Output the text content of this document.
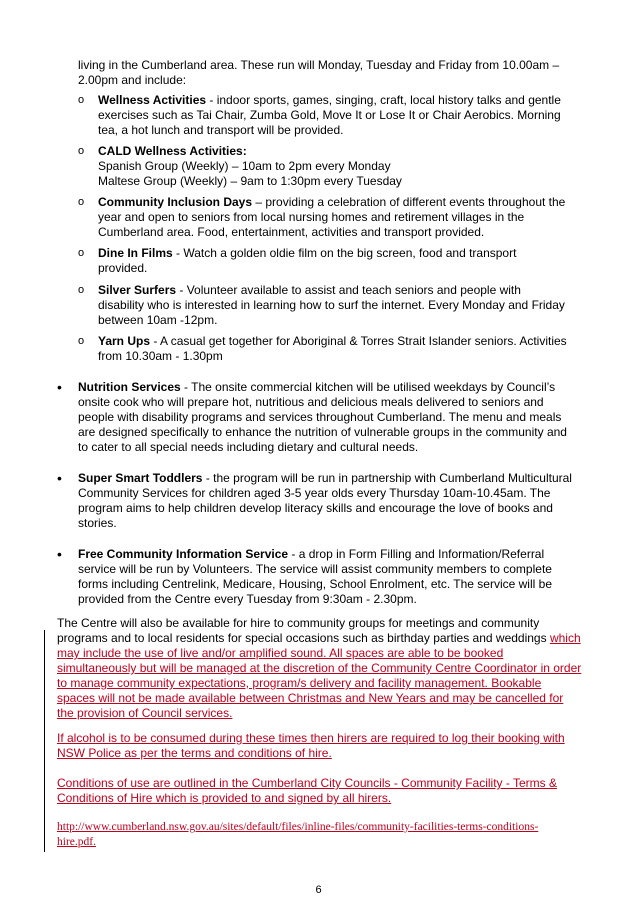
living in the Cumberland area. These run will Monday, Tuesday and Friday from 10.00am – 2.00pm and include:
o Wellness Activities - indoor sports, games, singing, craft, local history talks and gentle exercises such as Tai Chair, Zumba Gold, Move It or Lose It or Chair Aerobics. Morning tea, a hot lunch and transport will be provided.
o CALD Wellness Activities:
Spanish Group (Weekly) – 10am to 2pm every Monday
Maltese Group (Weekly) – 9am to 1:30pm every Tuesday
o Community Inclusion Days – providing a celebration of different events throughout the year and open to seniors from local nursing homes and retirement villages in the Cumberland area. Food, entertainment, activities and transport provided.
o Dine In Films - Watch a golden oldie film on the big screen, food and transport provided.
o Silver Surfers - Volunteer available to assist and teach seniors and people with disability who is interested in learning how to surf the internet. Every Monday and Friday between 10am -12pm.
o Yarn Ups - A casual get together for Aboriginal & Torres Strait Islander seniors. Activities from 10.30am - 1.30pm
• Nutrition Services - The onsite commercial kitchen will be utilised weekdays by Council’s onsite cook who will prepare hot, nutritious and delicious meals delivered to seniors and people with disability programs and services throughout Cumberland. The menu and meals are designed specifically to enhance the nutrition of vulnerable groups in the community and to cater to all special needs including dietary and cultural needs.
• Super Smart Toddlers - the program will be run in partnership with Cumberland Multicultural Community Services for children aged 3-5 year olds every Thursday 10am-10.45am. The program aims to help children develop literacy skills and encourage the love of books and stories.
• Free Community Information Service - a drop in Form Filling and Information/Referral service will be run by Volunteers. The service will assist community members to complete forms including Centrelink, Medicare, Housing, School Enrolment, etc. The service will be provided from the Centre every Tuesday from 9:30am - 2.30pm.
The Centre will also be available for hire to community groups for meetings and community programs and to local residents for special occasions such as birthday parties and weddings which may include the use of live and/or amplified sound. All spaces are able to be booked simultaneously but will be managed at the discretion of the Community Centre Coordinator in order to manage community expectations, program/s delivery and facility management. Bookable spaces will not be made available between Christmas and New Years and may be cancelled for the provision of Council services.
If alcohol is to be consumed during these times then hirers are required to log their booking with NSW Police as per the terms and conditions of hire.
Conditions of use are outlined in the Cumberland City Councils - Community Facility - Terms & Conditions of Hire which is provided to and signed by all hirers.
http://www.cumberland.nsw.gov.au/sites/default/files/inline-files/community-facilities-terms-conditions-hire.pdf.
6
